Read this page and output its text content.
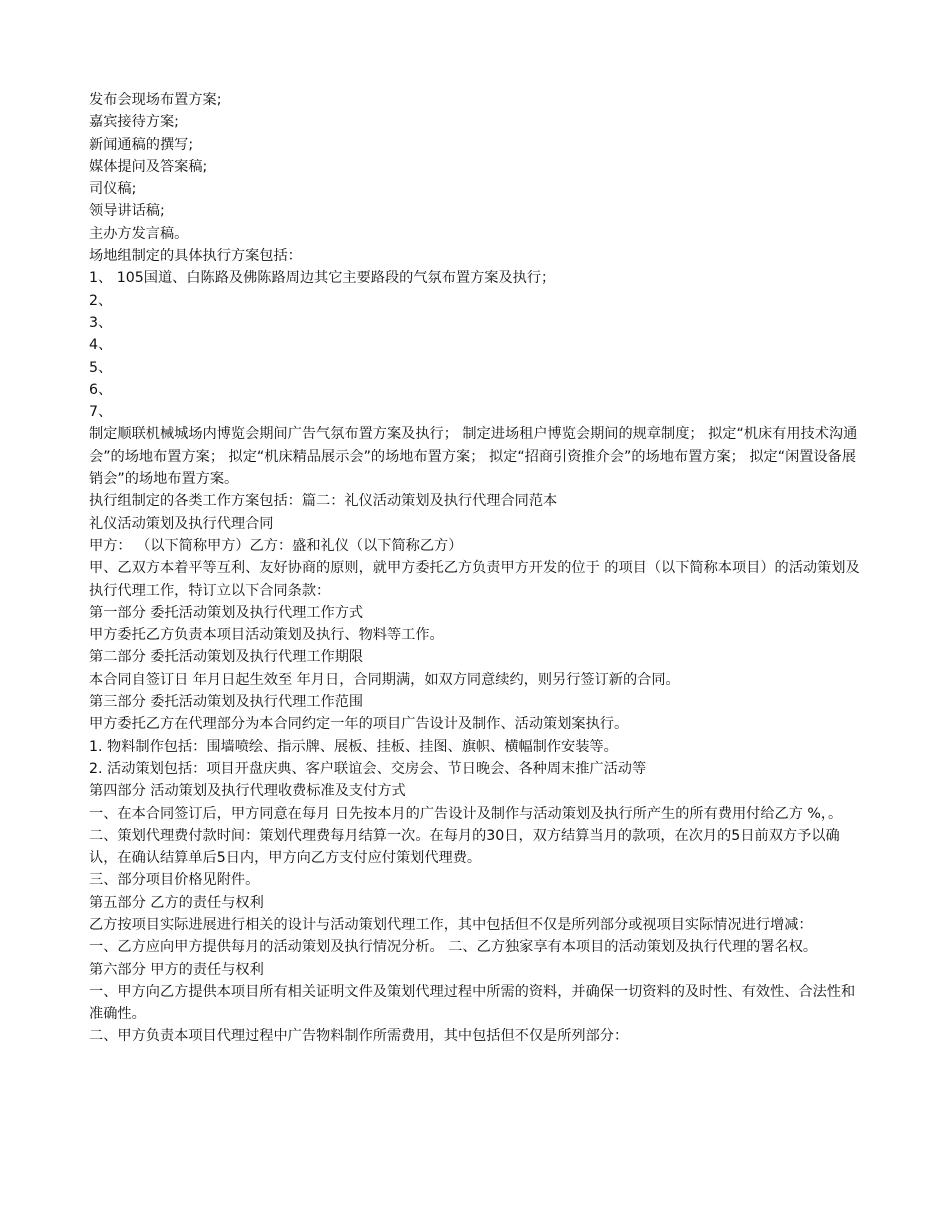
发布会现场布置方案;
嘉宾接待方案;
新闻通稿的撰写;
媒体提问及答案稿;
司仪稿;
领导讲话稿;
主办方发言稿。
场地组制定的具体执行方案包括：
1、 105国道、白陈路及佛陈路周边其它主要路段的气氛布置方案及执行；
2、
3、
4、
5、
6、
7、
制定顺联机械城场内博览会期间广告气氛布置方案及执行； 制定进场租户博览会期间的规章制度； 拟定“机床有用技术沟通会”的场地布置方案； 拟定“机床精品展示会”的场地布置方案； 拟定“招商引资推介会”的场地布置方案； 拟定“闲置设备展销会”的场地布置方案。
执行组制定的各类工作方案包括：篇二：礼仪活动策划及执行代理合同范本
礼仪活动策划及执行代理合同
甲方： （以下简称甲方）乙方：盛和礼仪（以下简称乙方）
甲、乙双方本着平等互利、友好协商的原则，就甲方委托乙方负责甲方开发的位于 的项目（以下简称本项目）的活动策划及执行代理工作，特订立以下合同条款：
第一部分 委托活动策划及执行代理工作方式
甲方委托乙方负责本项目活动策划及执行、物料等工作。
第二部分 委托活动策划及执行代理工作期限
本合同自签订日 年月日起生效至 年月日，合同期满，如双方同意续约，则另行签订新的合同。
第三部分 委托活动策划及执行代理工作范围
甲方委托乙方在代理部分为本合同约定一年的项目广告设计及制作、活动策划案执行。
1. 物料制作包括：围墙喷绘、指示牌、展板、挂板、挂图、旗帜、横幅制作安装等。
2. 活动策划包括：项目开盘庆典、客户联谊会、交房会、节日晚会、各种周末推广活动等
第四部分 活动策划及执行代理收费标准及支付方式
一、在本合同签订后，甲方同意在每月 日先按本月的广告设计及制作与活动策划及执行所产生的所有费用付给乙方 %，。
二、策划代理费付款时间：策划代理费每月结算一次。在每月的30日，双方结算当月的款项，在次月的5日前双方予以确认，在确认结算单后5日内，甲方向乙方支付应付策划代理费。
三、部分项目价格见附件。
第五部分 乙方的责任与权利
乙方按项目实际进展进行相关的设计与活动策划代理工作，其中包括但不仅是所列部分或视项目实际情况进行增减：
一、乙方应向甲方提供每月的活动策划及执行情况分析。 二、乙方独家享有本项目的活动策划及执行代理的署名权。
第六部分 甲方的责任与权利
一、甲方向乙方提供本项目所有相关证明文件及策划代理过程中所需的资料，并确保一切资料的及时性、有效性、合法性和准确性。
二、甲方负责本项目代理过程中广告物料制作所需费用，其中包括但不仅是所列部分：
